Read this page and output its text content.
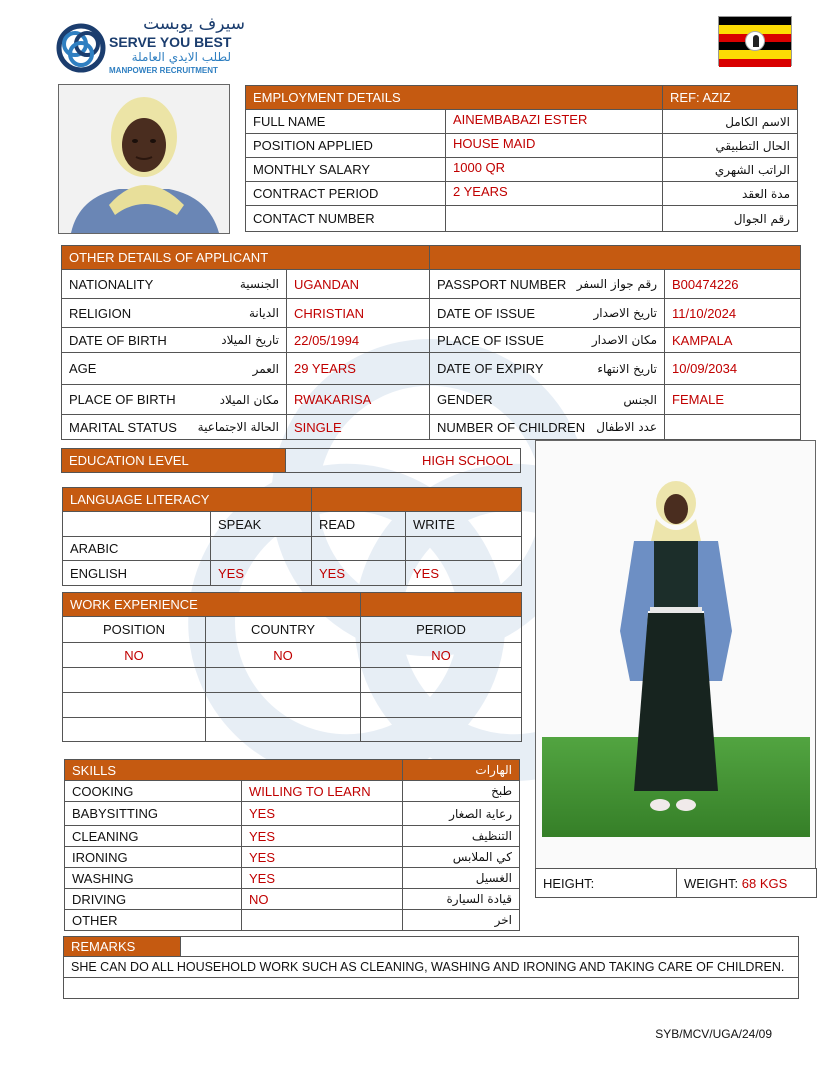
سيرف يوبست
SERVE YOU BEST
لطلب الايدي العاملة
MANPOWER RECRUITMENT
EMPLOYMENT DETAILS		REF: AZIZ
FULL NAME	AINEMBABAZI ESTER	الاسم الكامل
POSITION APPLIED	HOUSE MAID	الحال التطبيقي
MONTHLY SALARY	1000 QR	الراتب الشهري
CONTRACT PERIOD	2 YEARS	مدة العقد
CONTACT NUMBER		رقم الجوال
OTHER DETAILS OF APPLICANT					
NATIONALITY	الجنسية	UGANDAN	PASSPORT NUMBER	رقم جواز السفر	B00474226
RELIGION	الديانة	CHRISTIAN	DATE OF ISSUE	تاريخ الاصدار	11/10/2024
DATE OF BIRTH	تاريخ الميلاد	22/05/1994	PLACE OF ISSUE	مكان الاصدار	KAMPALA
AGE	العمر	29 YEARS	DATE OF EXPIRY	تاريخ الانتهاء	10/09/2034
PLACE OF BIRTH	مكان الميلاد	RWAKARISA	GENDER	الجنس	FEMALE
MARITAL STATUS	الحالة الاجتماعية	SINGLE	NUMBER OF CHILDREN	عدد الاطفال	
EDUCATION LEVEL	HIGH SCHOOL
LANGUAGE LITERACY			
	SPEAK	READ	WRITE
ARABIC			
ENGLISH	YES	YES	YES
WORK EXPERIENCE		
POSITION	COUNTRY	PERIOD
NO	NO	NO

HEIGHT:	WEIGHT: 68 KGS
SKILLS		الهارات
COOKING	WILLING TO LEARN	طبخ
BABYSITTING	YES	رعاية الصغار
CLEANING	YES	التنظيف
IRONING	YES	كي الملابس
WASHING	YES	الغسيل
DRIVING	NO	قيادة السيارة
OTHER		اخر
REMARKS	
SHE CAN DO ALL HOUSEHOLD WORK SUCH AS CLEANING, WASHING AND IRONING AND TAKING CARE OF CHILDREN.

SYB/MCV/UGA/24/09
